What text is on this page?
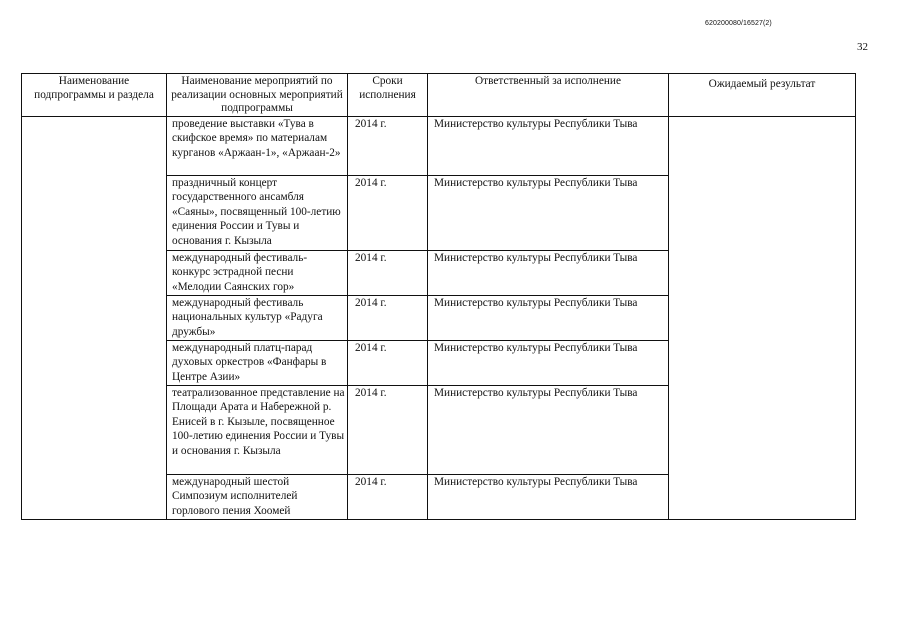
620200080/16527(2)
32
Наименование подпрограммы и раздела	Наименование мероприятий по реализации основных мероприятий подпрограммы	Сроки исполнения	Ответственный за исполнение	Ожидаемый результат
	проведение выставки «Тува в скифское время» по материалам курганов «Аржаан-1», «Аржаан-2»	2014 г.	Министерство культуры Республики Тыва	
	праздничный концерт государственного ансамбля «Саяны», посвященный 100-летию единения России и Тувы и основания г. Кызыла	2014 г.	Министерство культуры Республики Тыва	
	международный фестиваль-конкурс эстрадной песни «Мелодии Саянских гор»	2014 г.	Министерство культуры Республики Тыва	
	международный фестиваль национальных культур «Радуга дружбы»	2014 г.	Министерство культуры Республики Тыва	
	международный платц-парад духовых оркестров «Фанфары в Центре Азии»	2014 г.	Министерство культуры Республики Тыва	
	театрализованное представление на Площади Арата и Набережной р. Енисей в г. Кызыле, посвященное 100-летию единения России и Тувы и основания г. Кызыла	2014 г.	Министерство культуры Республики Тыва	
	международный шестой Симпозиум исполнителей горлового пения Хоомей	2014 г.	Министерство культуры Республики Тыва	
